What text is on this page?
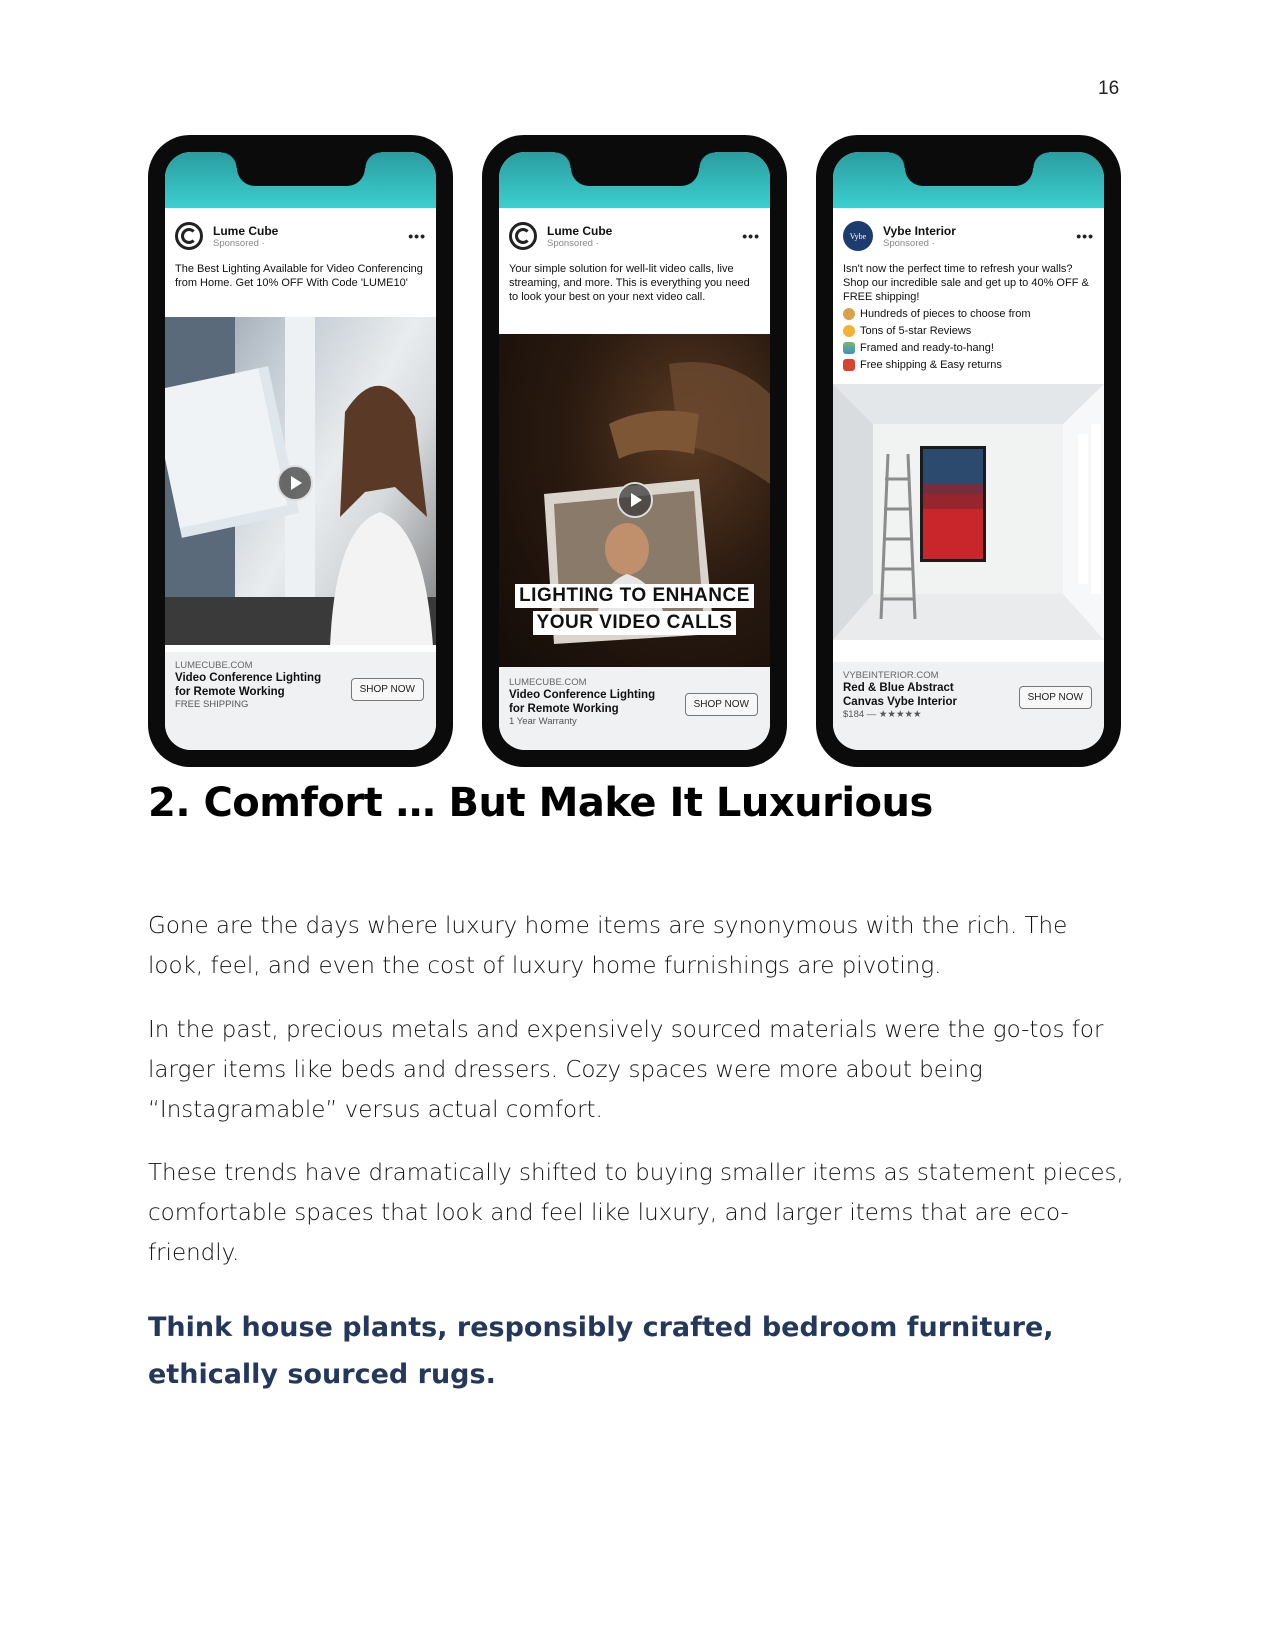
16
Lume Cube
Sponsored ·	•••
The Best Lighting Available for Video Conferencing from Home. Get 10% OFF With Code 'LUME10'
LUMECUBE.COM
Video Conference Lighting for Remote Working
FREE SHIPPING
SHOP NOW
Lume Cube
Sponsored ·	•••
Your simple solution for well-lit video calls, live streaming, and more. This is everything you need to look your best on your next video call.
LIGHTING TO ENHANCE
YOUR VIDEO CALLS
LUMECUBE.COM
Video Conference Lighting for Remote Working
1 Year Warranty
SHOP NOW
Vybe	Vybe Interior
Sponsored ·	•••
Isn't now the perfect time to refresh your walls? Shop our incredible sale and get up to 40% OFF & FREE shipping!
Hundreds of pieces to choose from
Tons of 5-star Reviews
Framed and ready-to-hang!
Free shipping & Easy returns
VYBEINTERIOR.COM
Red & Blue Abstract Canvas Vybe Interior
$184 — ★★★★★
SHOP NOW
2. Comfort … But Make It Luxurious
Gone are the days where luxury home items are synonymous with the rich. The look, feel, and even the cost of luxury home furnishings are pivoting.
In the past, precious metals and expensively sourced materials were the go-tos for larger items like beds and dressers. Cozy spaces were more about being “Instagramable” versus actual comfort.
These trends have dramatically shifted to buying smaller items as statement pieces, comfortable spaces that look and feel like luxury, and larger items that are eco-friendly.
Think house plants, responsibly crafted bedroom furniture, ethically sourced rugs.
